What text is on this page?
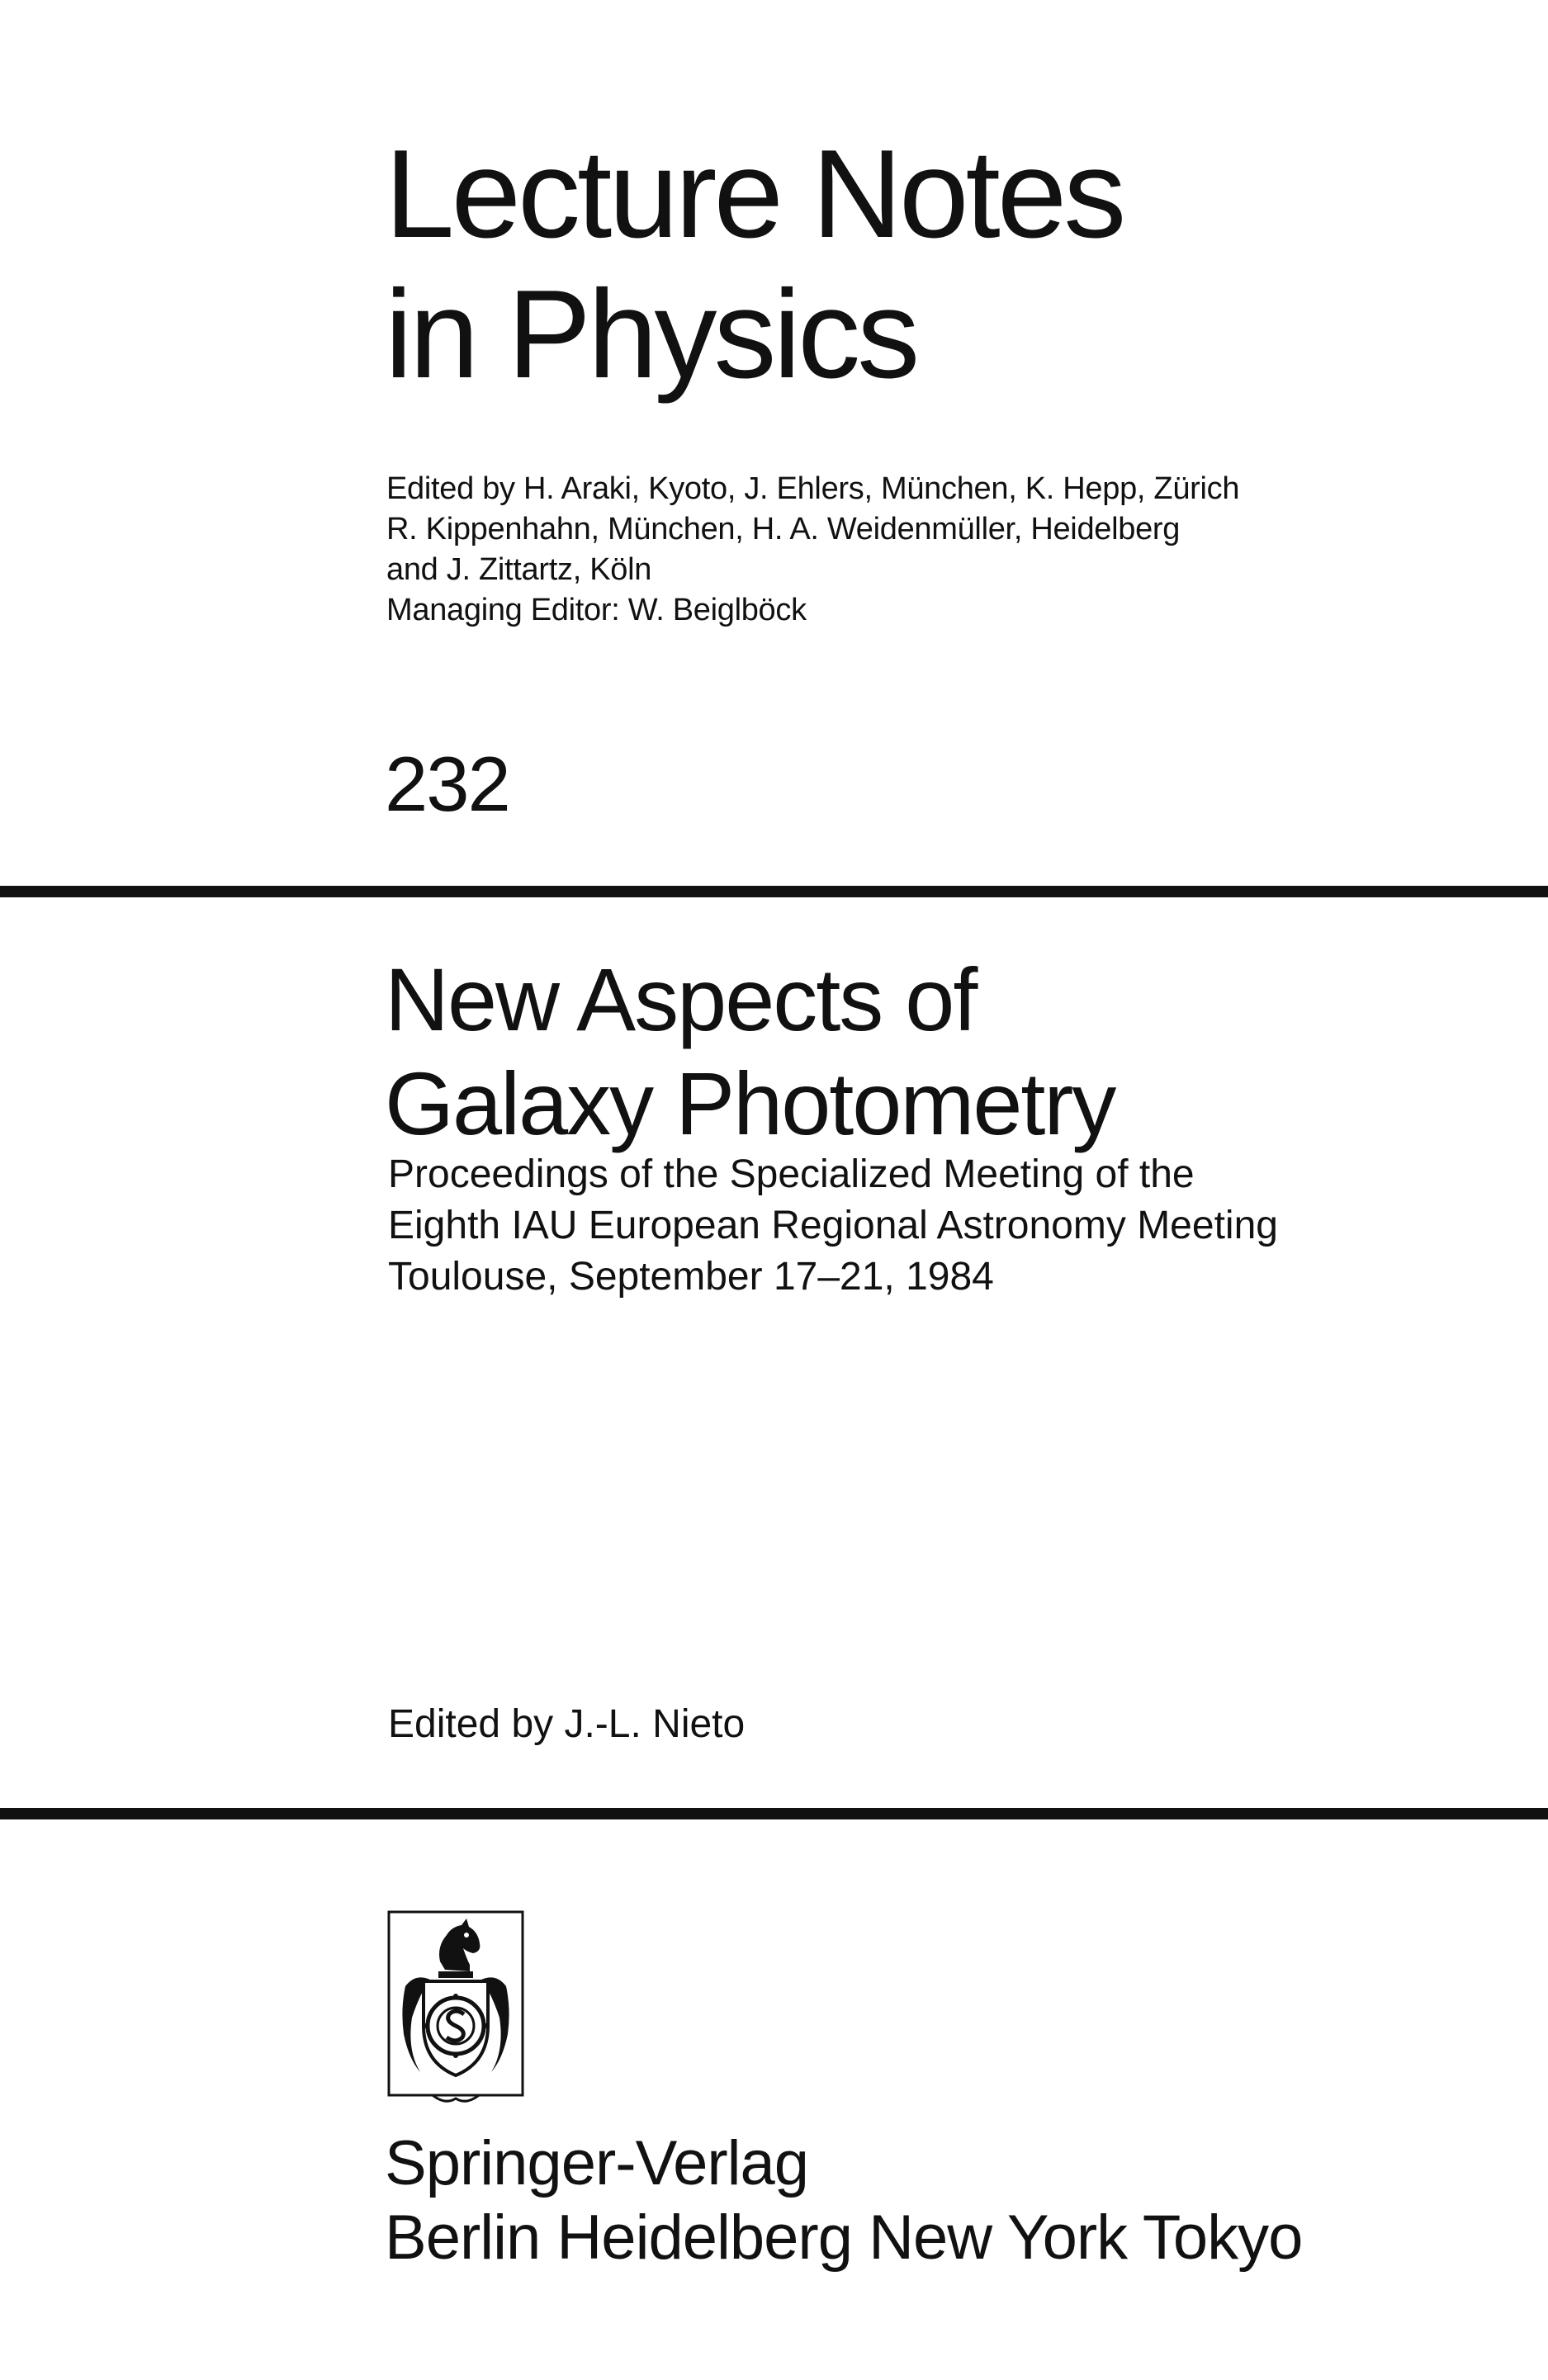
Lecture Notes
in Physics
Edited by H. Araki, Kyoto, J. Ehlers, München, K. Hepp, Zürich
R. Kippenhahn, München, H. A. Weidenmüller, Heidelberg
and J. Zittartz, Köln
Managing Editor: W. Beiglböck
232
New Aspects of
Galaxy Photometry
Proceedings of the Specialized Meeting of the
Eighth IAU European Regional Astronomy Meeting
Toulouse, September 17–21, 1984
Edited by J.-L. Nieto
Springer-Verlag
Berlin Heidelberg New York Tokyo
